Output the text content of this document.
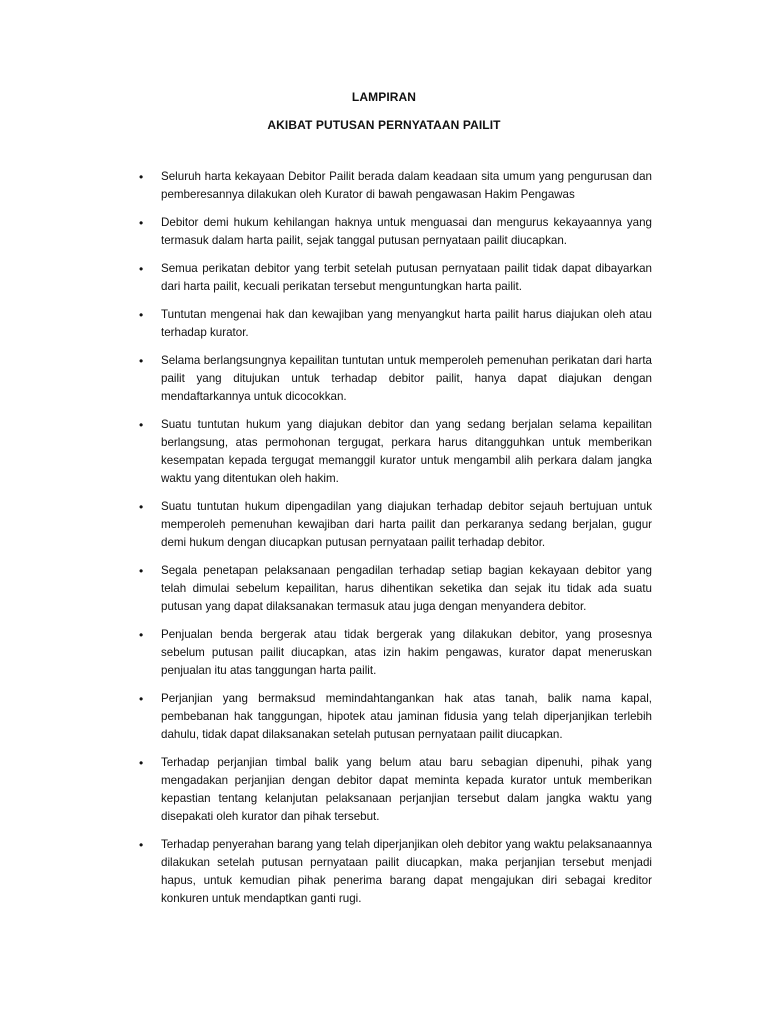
LAMPIRAN
AKIBAT PUTUSAN PERNYATAAN PAILIT
•	Seluruh harta kekayaan Debitor Pailit berada dalam keadaan sita umum yang pengurusan dan pemberesannya dilakukan oleh Kurator di bawah pengawasan Hakim Pengawas
•	Debitor demi hukum kehilangan haknya untuk menguasai dan mengurus kekayaannya yang termasuk dalam harta pailit, sejak tanggal putusan pernyataan pailit diucapkan.
•	Semua perikatan debitor yang terbit setelah putusan pernyataan pailit tidak dapat dibayarkan dari harta pailit, kecuali perikatan tersebut menguntungkan harta pailit.
•	Tuntutan mengenai hak dan kewajiban yang menyangkut harta pailit harus diajukan oleh atau terhadap kurator.
•	Selama berlangsungnya kepailitan tuntutan untuk memperoleh pemenuhan perikatan dari harta pailit yang ditujukan untuk terhadap debitor pailit, hanya dapat diajukan dengan mendaftarkannya untuk dicocokkan.
•	Suatu tuntutan hukum yang diajukan debitor dan yang sedang berjalan selama kepailitan berlangsung, atas permohonan tergugat, perkara harus ditangguhkan untuk memberikan kesempatan kepada tergugat memanggil kurator untuk mengambil alih perkara dalam jangka waktu yang ditentukan oleh hakim.
•	Suatu tuntutan hukum dipengadilan yang diajukan terhadap debitor sejauh bertujuan untuk memperoleh pemenuhan kewajiban dari harta pailit dan perkaranya sedang berjalan, gugur demi hukum dengan diucapkan putusan pernyataan pailit terhadap debitor.
•	Segala penetapan pelaksanaan pengadilan terhadap setiap bagian kekayaan debitor yang telah dimulai sebelum kepailitan, harus dihentikan seketika dan sejak itu tidak ada suatu putusan yang dapat dilaksanakan termasuk atau juga dengan menyandera debitor.
•	Penjualan benda bergerak atau tidak bergerak yang dilakukan debitor, yang prosesnya sebelum putusan pailit diucapkan, atas izin hakim pengawas, kurator dapat meneruskan penjualan itu atas tanggungan harta pailit.
•	Perjanjian yang bermaksud memindahtangankan hak atas tanah, balik nama kapal, pembebanan hak tanggungan, hipotek atau jaminan fidusia yang telah diperjanjikan terlebih dahulu, tidak dapat dilaksanakan setelah putusan pernyataan pailit diucapkan.
•	Terhadap perjanjian timbal balik yang belum atau baru sebagian dipenuhi, pihak yang mengadakan perjanjian dengan debitor dapat meminta kepada kurator untuk memberikan kepastian tentang kelanjutan pelaksanaan perjanjian tersebut dalam jangka waktu yang disepakati oleh kurator dan pihak tersebut.
•	Terhadap penyerahan barang yang telah diperjanjikan oleh debitor yang waktu pelaksanaannya dilakukan setelah putusan pernyataan pailit diucapkan, maka perjanjian tersebut menjadi hapus, untuk kemudian pihak penerima barang dapat mengajukan diri sebagai kreditor konkuren untuk mendaptkan ganti rugi.
